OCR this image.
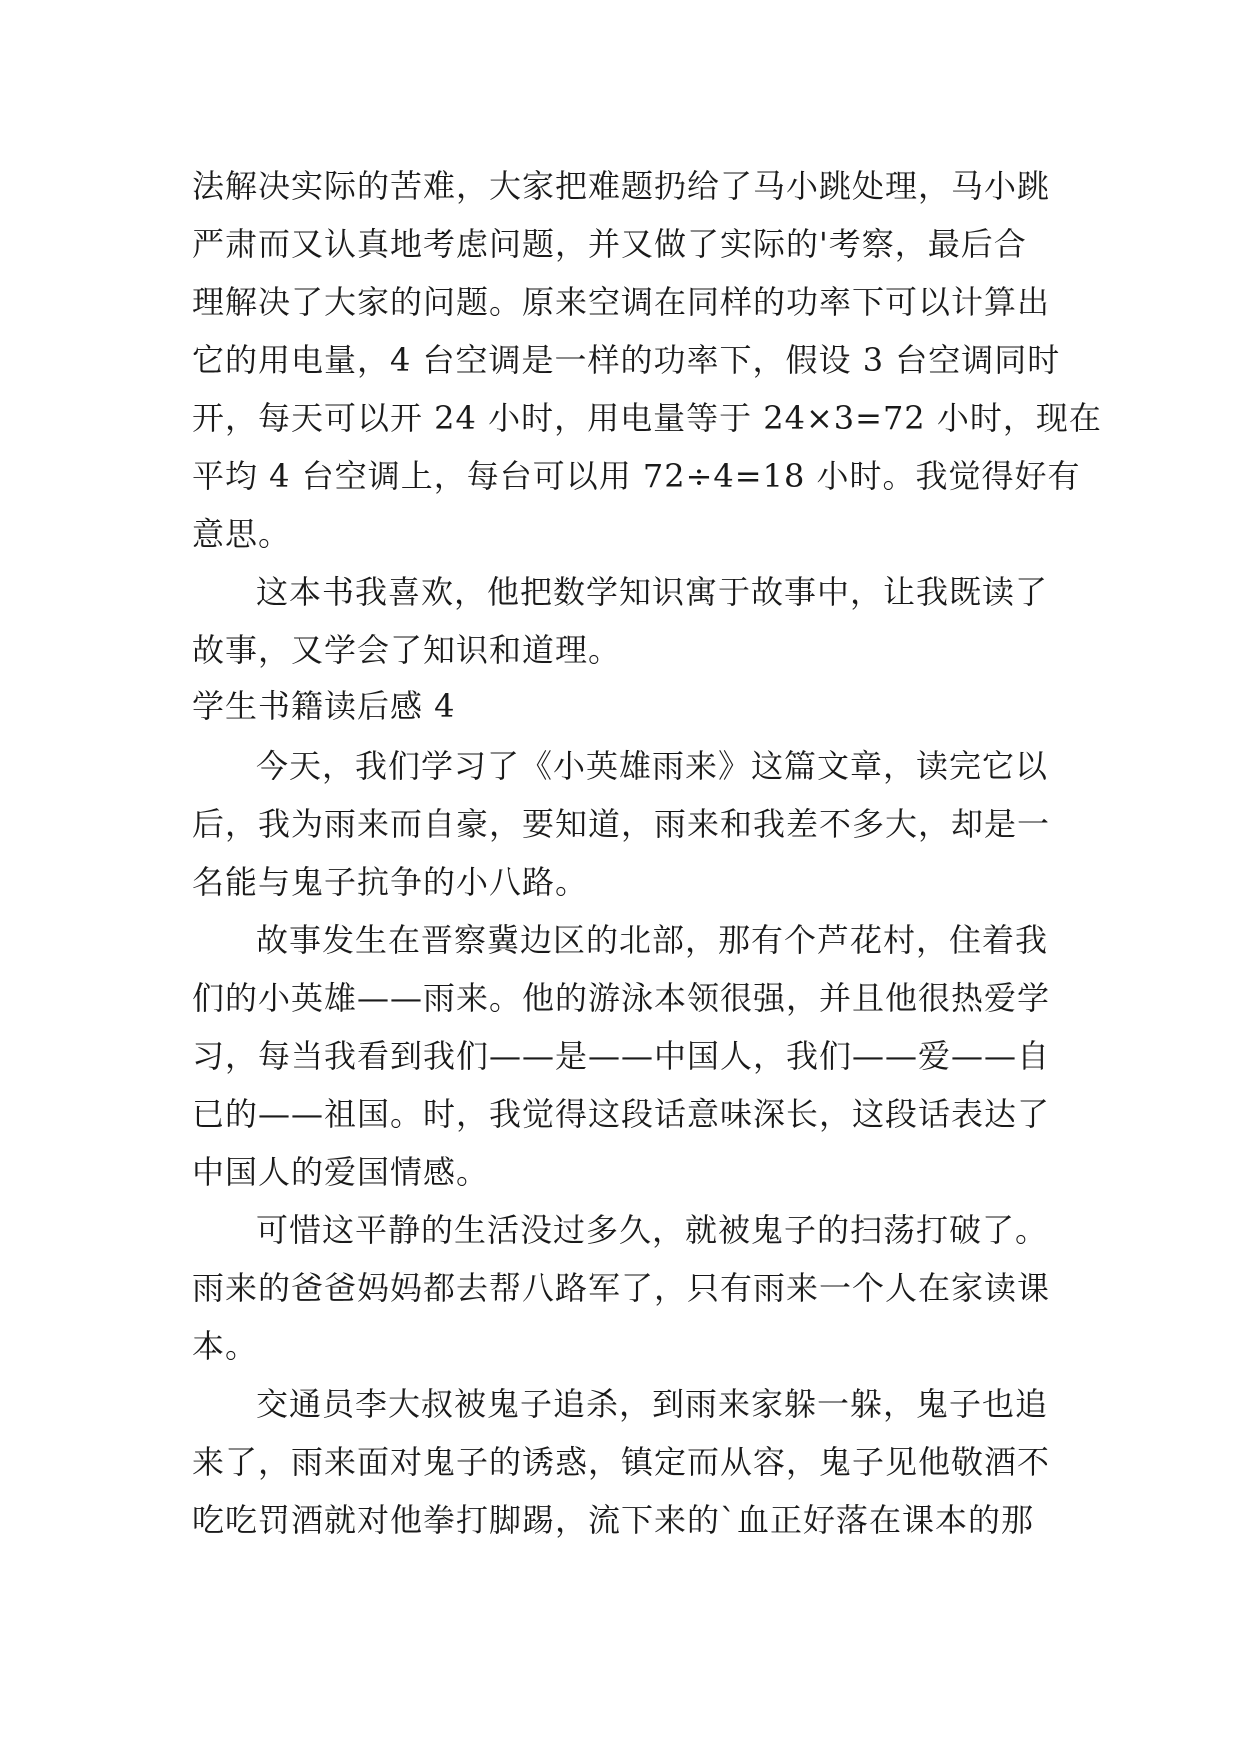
法解决实际的苦难，大家把难题扔给了马小跳处理，马小跳
严肃而又认真地考虑问题，并又做了实际的'考察，最后合
理解决了大家的问题。原来空调在同样的功率下可以计算出
它的用电量，4 台空调是一样的功率下，假设 3 台空调同时
开，每天可以开 24 小时，用电量等于 24×3=72 小时，现在
平均 4 台空调上，每台可以用 72÷4=18 小时。我觉得好有
意思。
这本书我喜欢，他把数学知识寓于故事中，让我既读了
故事，又学会了知识和道理。
学生书籍读后感 4
今天，我们学习了《小英雄雨来》这篇文章，读完它以
后，我为雨来而自豪，要知道，雨来和我差不多大，却是一
名能与鬼子抗争的小八路。
故事发生在晋察冀边区的北部，那有个芦花村，住着我
们的小英雄——雨来。他的游泳本领很强，并且他很热爱学
习，每当我看到我们——是——中国人，我们——爱——自
已的——祖国。时，我觉得这段话意味深长，这段话表达了
中国人的爱国情感。
可惜这平静的生活没过多久，就被鬼子的扫荡打破了。
雨来的爸爸妈妈都去帮八路军了，只有雨来一个人在家读课
本。
交通员李大叔被鬼子追杀，到雨来家躲一躲，鬼子也追
来了，雨来面对鬼子的诱惑，镇定而从容，鬼子见他敬酒不
吃吃罚酒就对他拳打脚踢，流下来的`血正好落在课本的那
